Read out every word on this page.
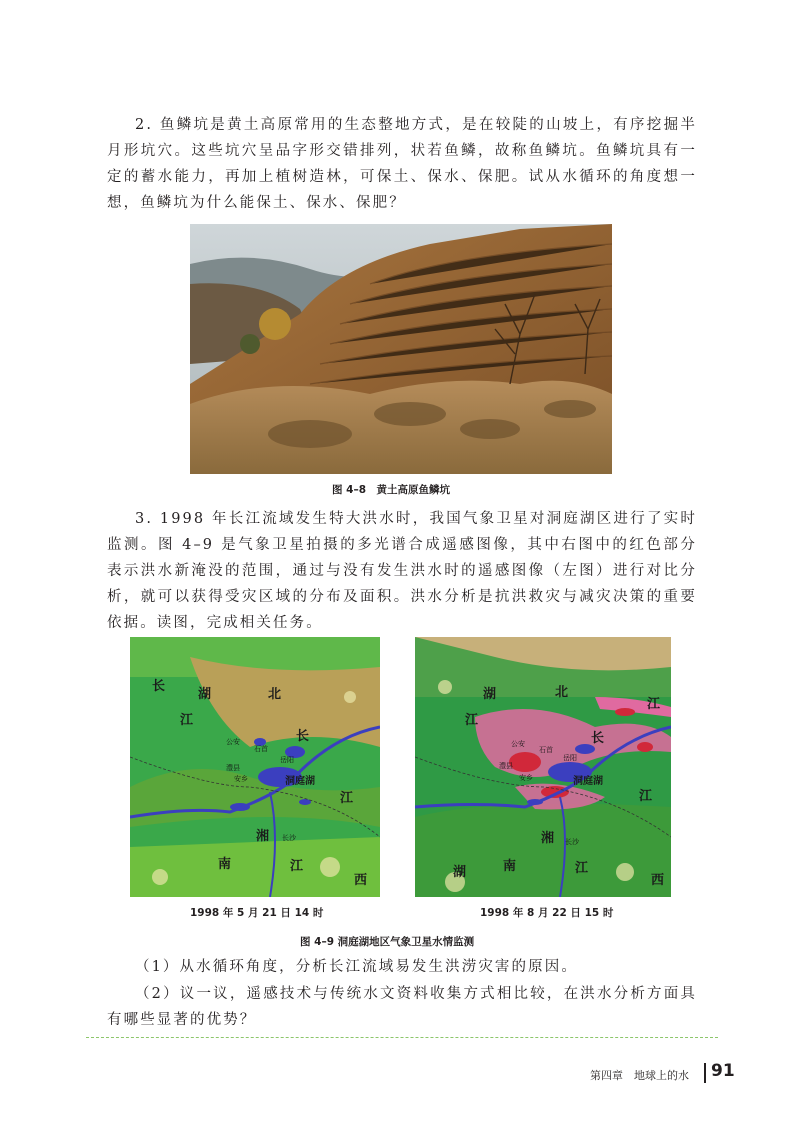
2. 鱼鳞坑是黄土高原常用的生态整地方式，是在较陡的山坡上，有序挖掘半月形坑穴。这些坑穴呈品字形交错排列，状若鱼鳞，故称鱼鳞坑。鱼鳞坑具有一定的蓄水能力，再加上植树造林，可保土、保水、保肥。试从水循环的角度想一想，鱼鳞坑为什么能保土、保水、保肥？

图 4–8　黄土高原鱼鳞坑

3. 1998 年长江流域发生特大洪水时，我国气象卫星对洞庭湖区进行了实时监测。图 4–9 是气象卫星拍摄的多光谱合成遥感图像，其中右图中的红色部分表示洪水新淹没的范围，通过与没有发生洪水时的遥感图像（左图）进行对比分析，就可以获得受灾区域的分布及面积。洪水分析是抗洪救灾与减灾决策的重要依据。读图，完成相关任务。

长
湖	北
江
长
洞庭湖
江
湘
南	江
西
公安
石首
澧县
岳阳
安乡
长沙
湖	北
江
江
长
洞庭湖
江
湘
南	江
湖
西
公安
石首
澧县
岳阳
安乡
长沙
1998 年 5 月 21 日 14 时	1998 年 8 月 22 日 15 时
图 4–9 洞庭湖地区气象卫星水情监测

（1）从水循环角度，分析长江流域易发生洪涝灾害的原因。

（2）议一议，遥感技术与传统水文资料收集方式相比较，在洪水分析方面具有哪些显著的优势？

第四章　地球上的水 91
